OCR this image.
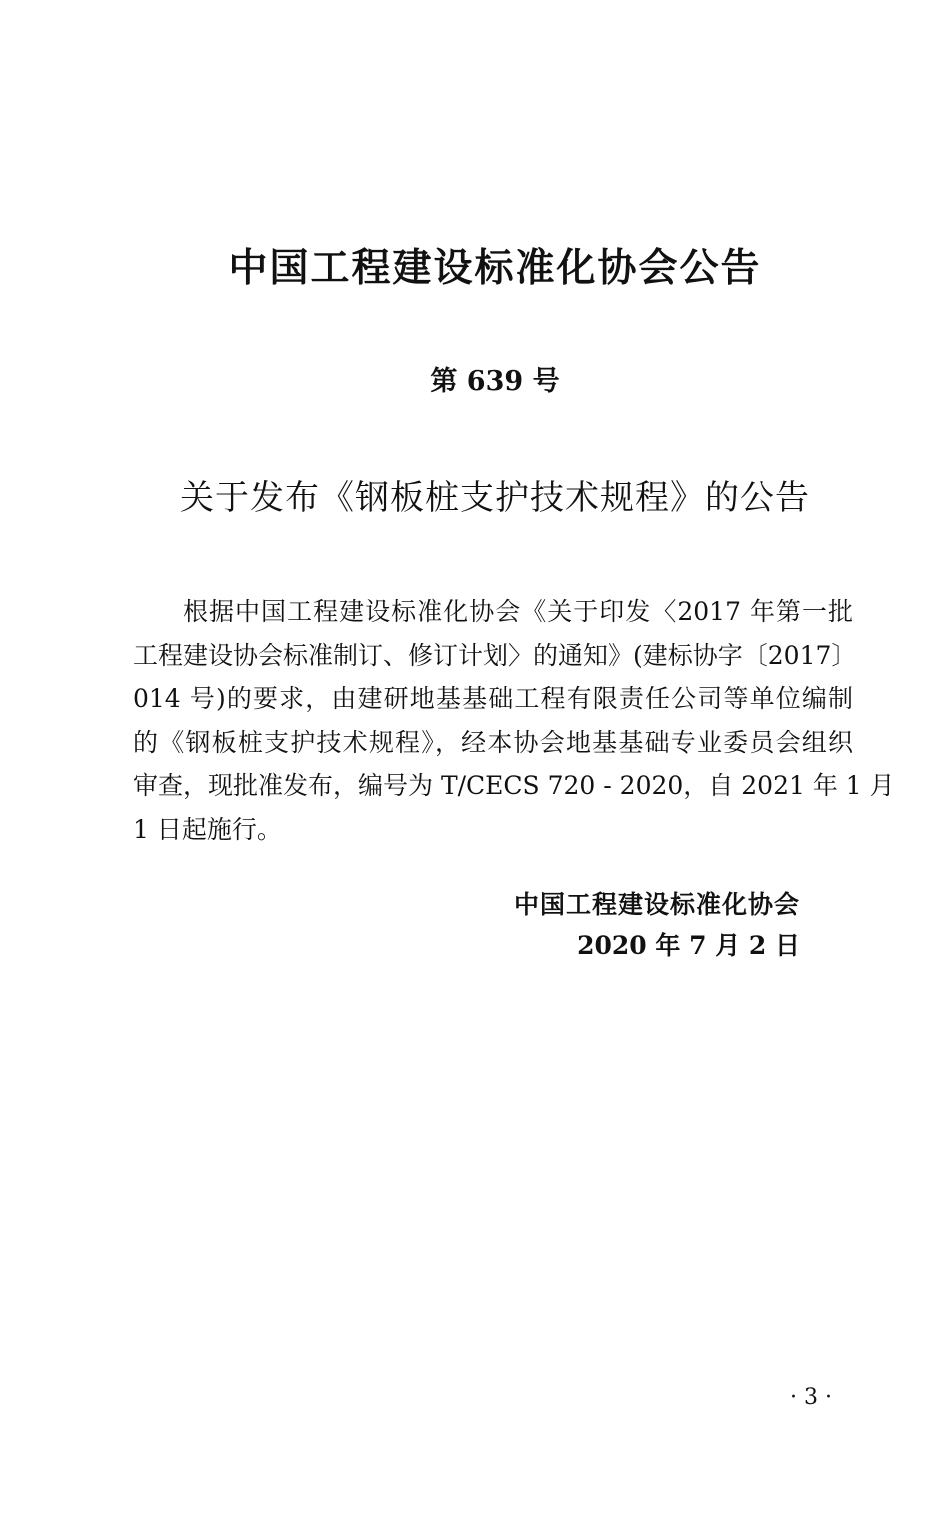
中国工程建设标准化协会公告
第 639 号
关于发布《钢板桩支护技术规程》的公告
根据中国工程建设标准化协会《关于印发〈2017 年第一批
工程建设协会标准制订、修订计划〉的通知》(建标协字〔2017〕
014 号)的要求，由建研地基基础工程有限责任公司等单位编制
的《钢板桩支护技术规程》，经本协会地基基础专业委员会组织
审查，现批准发布，编号为 T/CECS 720 - 2020，自 2021 年 1 月
1 日起施行。
中国工程建设标准化协会
2020 年 7 月 2 日
· 3 ·
